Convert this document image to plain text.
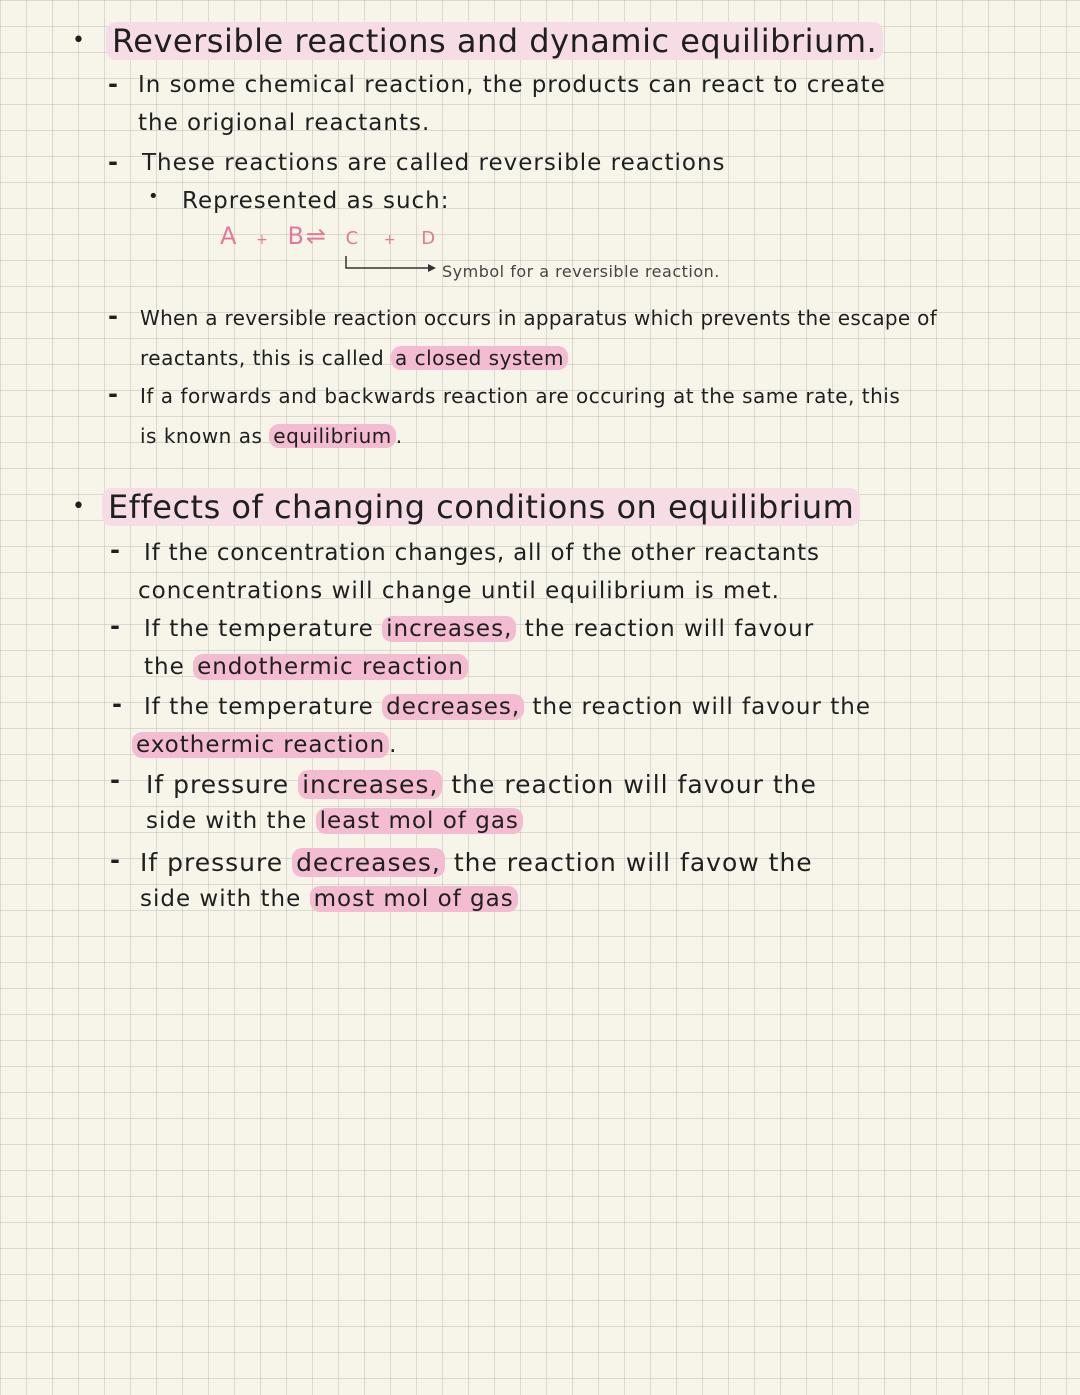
• Reversible reactions and dynamic equilibrium.
- In some chemical reaction, the products can react to create
the origional reactants.
- These reactions are called reversible reactions
• Represented as such:
A + B⇌ C + D
Symbol for a reversible reaction.
- When a reversible reaction occurs in apparatus which prevents the escape of
reactants, this is called a closed system
- If a forwards and backwards reaction are occuring at the same rate, this
is known as equilibrium .
• Effects of changing conditions on equilibrium
- If the concentration changes, all of the other reactants
concentrations will change until equilibrium is met.
- If the temperature increases, the reaction will favour
the endothermic reaction
- If the temperature decreases, the reaction will favour the
exothermic reaction .
- If pressure increases, the reaction will favour the
side with the least mol of gas
- If pressure decreases, the reaction will favow the
side with the most mol of gas
